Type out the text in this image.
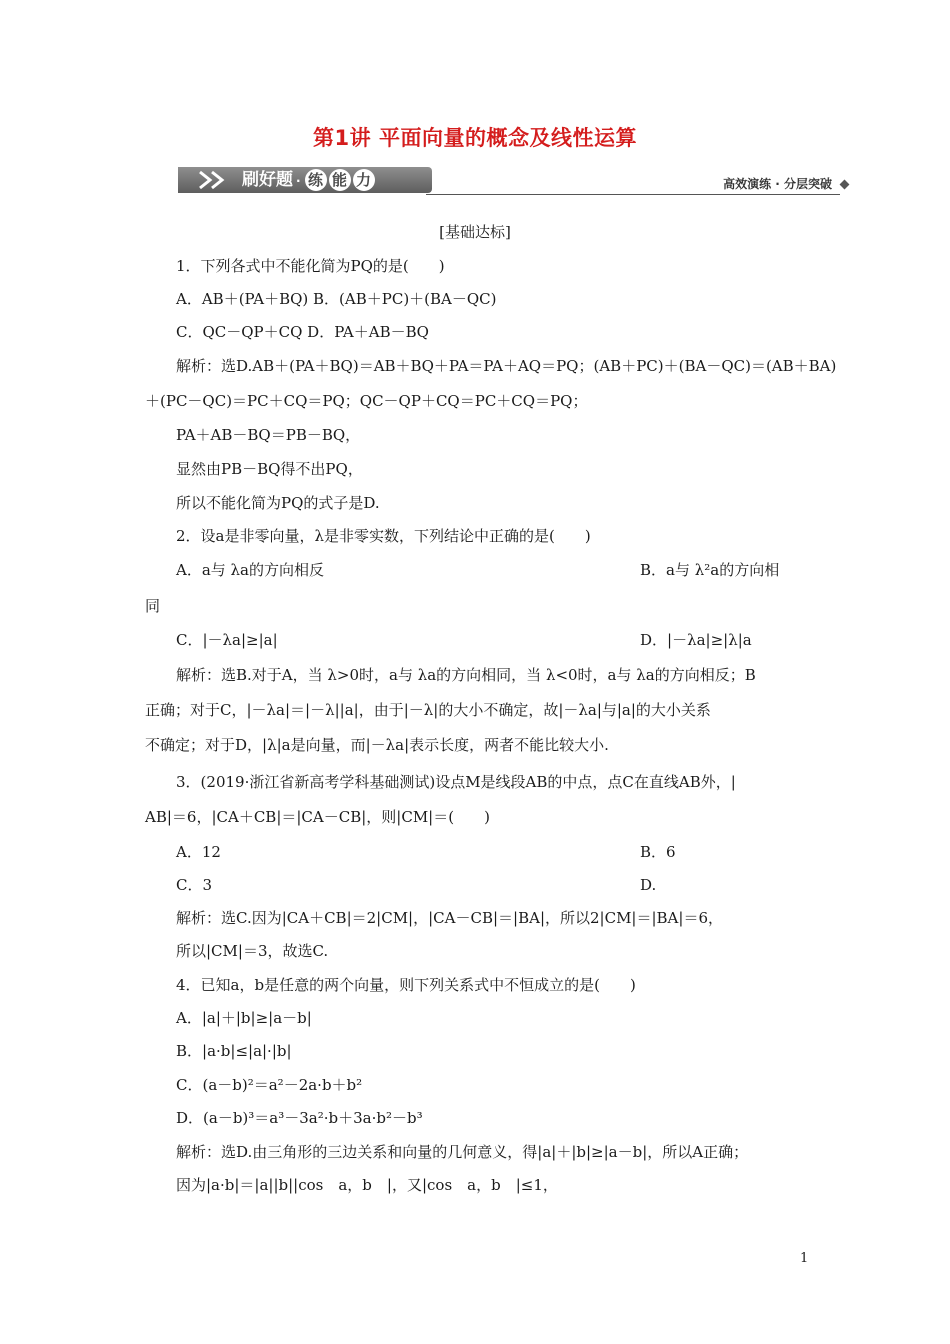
第1讲 平面向量的概念及线性运算
刷好题 · 练 能 力	高效演练 · 分层突破
[基础达标]
1．下列各式中不能化简为PQ的是(　　)
A．AB＋(PA＋BQ) B．(AB＋PC)＋(BA－QC)
C．QC－QP＋CQ D．PA＋AB－BQ
解析：选D.AB＋(PA＋BQ)＝AB＋BQ＋PA＝PA＋AQ＝PQ；(AB＋PC)＋(BA－QC)＝(AB＋BA)
＋(PC－QC)＝PC＋CQ＝PQ；QC－QP＋CQ＝PC＋CQ＝PQ；
PA＋AB－BQ＝PB－BQ，
显然由PB－BQ得不出PQ，
所以不能化简为PQ的式子是D.
2．设a是非零向量，λ是非零实数，下列结论中正确的是(　　)
A．a与 λa的方向相反	B．a与 λ²a的方向相
同
C．|－λa|≥|a|	D．|－λa|≥|λ|a
解析：选B.对于A，当 λ>0时，a与 λa的方向相同，当 λ<0时，a与 λa的方向相反；B
正确；对于C，|－λa|＝|－λ||a|，由于|－λ|的大小不确定，故|－λa|与|a|的大小关系
不确定；对于D，|λ|a是向量，而|－λa|表示长度，两者不能比较大小.
3．(2019·浙江省新高考学科基础测试)设点M是线段AB的中点，点C在直线AB外，|
AB|＝6，|CA＋CB|＝|CA－CB|，则|CM|＝(　　)
A．12	B．6
C．3	D.
解析：选C.因为|CA＋CB|＝2|CM|，|CA－CB|＝|BA|，所以2|CM|＝|BA|＝6，
所以|CM|＝3，故选C.
4．已知a，b是任意的两个向量，则下列关系式中不恒成立的是(　　)
A．|a|＋|b|≥|a－b|
B．|a·b|≤|a|·|b|
C．(a－b)²＝a²－2a·b＋b²
D．(a－b)³＝a³－3a²·b＋3a·b²－b³
解析：选D.由三角形的三边关系和向量的几何意义，得|a|＋|b|≥|a－b|，所以A正确；
因为|a·b|＝|a||b||cos　a，b　|，又|cos　a，b　|≤1，
1
